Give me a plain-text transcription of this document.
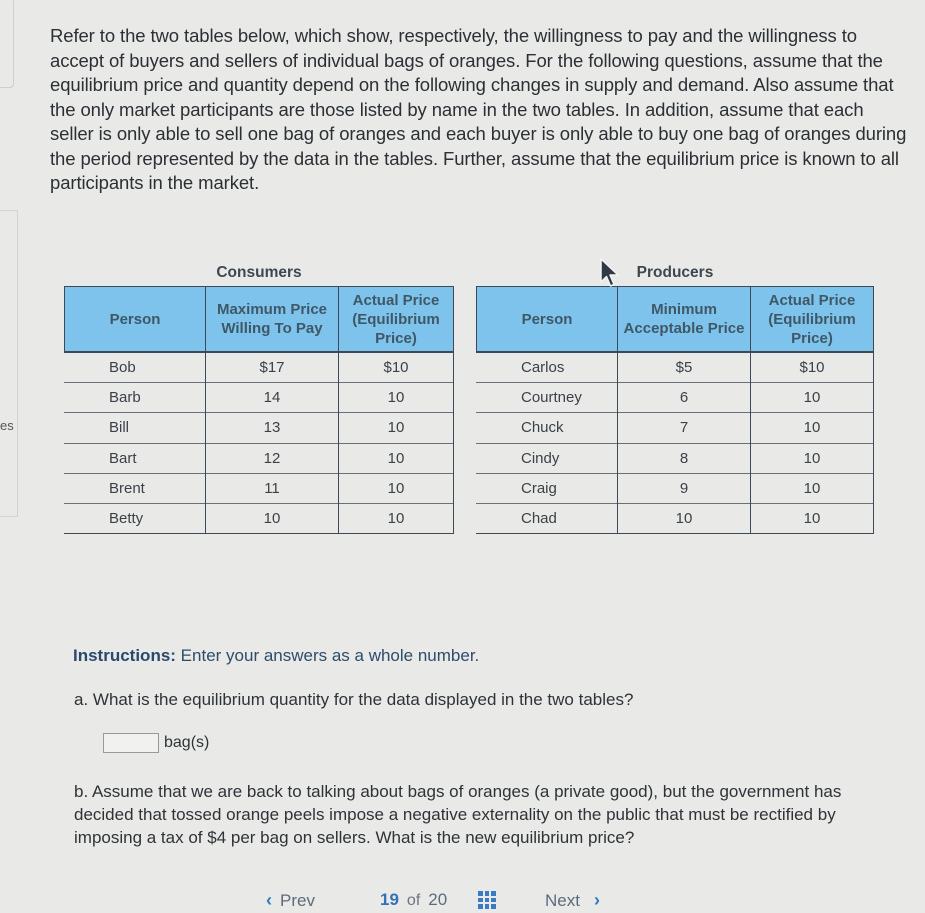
es
Refer to the two tables below, which show, respectively, the willingness to pay and the willingness to accept of buyers and sellers of individual bags of oranges. For the following questions, assume that the equilibrium price and quantity depend on the following changes in supply and demand. Also assume that the only market participants are those listed by name in the two tables. In addition, assume that each seller is only able to sell one bag of oranges and each buyer is only able to buy one bag of oranges during the period represented by the data in the tables. Further, assume that the equilibrium price is known to all participants in the market.
Consumers
Person	Maximum Price Willing To Pay	Actual Price (Equilibrium Price)
Bob	$17	$10
Barb	14	10
Bill	13	10
Bart	12	10
Brent	11	10
Betty	10	10
Producers
Person	Minimum Acceptable Price	Actual Price (Equilibrium Price)
Carlos	$5	$10
Courtney	6	10
Chuck	7	10
Cindy	8	10
Craig	9	10
Chad	10	10
Instructions: Enter your answers as a whole number.
a. What is the equilibrium quantity for the data displayed in the two tables?
bag(s)
b. Assume that we are back to talking about bags of oranges (a private good), but the government has decided that tossed orange peels impose a negative externality on the public that must be rectified by imposing a tax of $4 per bag on sellers. What is the new equilibrium price?
‹ Prev	19 of 20	Next ›
